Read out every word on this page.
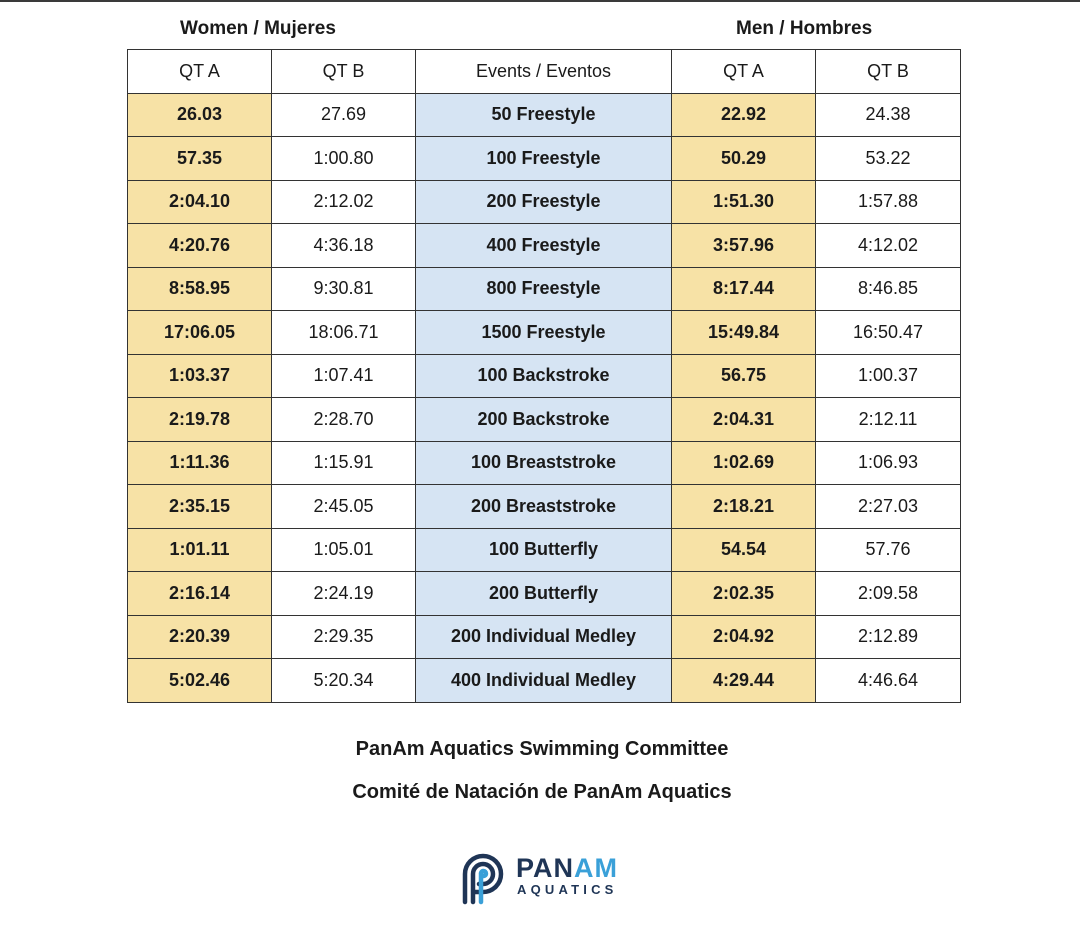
Women / Mujeres	Men / Hombres
QT A	QT B	Events / Eventos	QT A	QT B
26.03	27.69	50 Freestyle	22.92	24.38
57.35	1:00.80	100 Freestyle	50.29	53.22
2:04.10	2:12.02	200 Freestyle	1:51.30	1:57.88
4:20.76	4:36.18	400 Freestyle	3:57.96	4:12.02
8:58.95	9:30.81	800 Freestyle	8:17.44	8:46.85
17:06.05	18:06.71	1500 Freestyle	15:49.84	16:50.47
1:03.37	1:07.41	100 Backstroke	56.75	1:00.37
2:19.78	2:28.70	200 Backstroke	2:04.31	2:12.11
1:11.36	1:15.91	100 Breaststroke	1:02.69	1:06.93
2:35.15	2:45.05	200 Breaststroke	2:18.21	2:27.03
1:01.11	1:05.01	100 Butterfly	54.54	57.76
2:16.14	2:24.19	200 Butterfly	2:02.35	2:09.58
2:20.39	2:29.35	200 Individual Medley	2:04.92	2:12.89
5:02.46	5:20.34	400 Individual Medley	4:29.44	4:46.64
PanAm Aquatics Swimming Committee
Comité de Natación de PanAm Aquatics
PANAM
AQUATICS
